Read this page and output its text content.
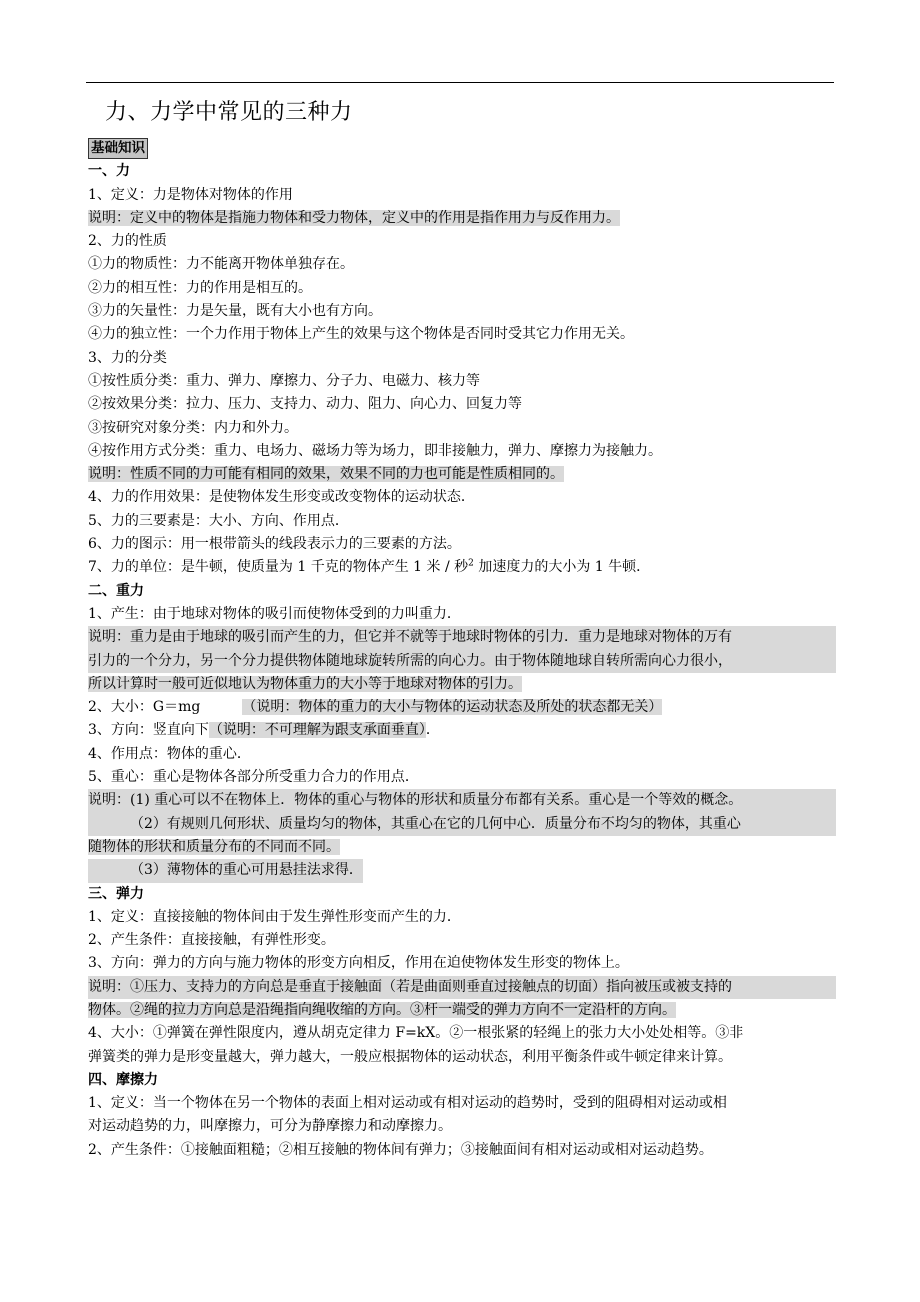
力、力学中常见的三种力
基础知识
一、力
1、定义：力是物体对物体的作用
说明：定义中的物体是指施力物体和受力物体，定义中的作用是指作用力与反作用力。
2、力的性质
①力的物质性：力不能离开物体单独存在。
②力的相互性：力的作用是相互的。
③力的矢量性：力是矢量，既有大小也有方向。
④力的独立性：一个力作用于物体上产生的效果与这个物体是否同时受其它力作用无关。
3、力的分类
①按性质分类：重力、弹力、摩擦力、分子力、电磁力、核力等
②按效果分类：拉力、压力、支持力、动力、阻力、向心力、回复力等
③按研究对象分类：内力和外力。
④按作用方式分类：重力、电场力、磁场力等为场力，即非接触力，弹力、摩擦力为接触力。
说明：性质不同的力可能有相同的效果，效果不同的力也可能是性质相同的。
4、力的作用效果：是使物体发生形变或改变物体的运动状态．
5、力的三要素是：大小、方向、作用点．
6、力的图示：用一根带箭头的线段表示力的三要素的方法。
7、力的单位：是牛顿，使质量为 1 千克的物体产生 1 米 / 秒$^2$ 加速度力的大小为 1 牛顿．
二、重力
1、产生：由于地球对物体的吸引而使物体受到的力叫重力．
说明：重力是由于地球的吸引而产生的力，但它并不就等于地球时物体的引力．重力是地球对物体的万有
引力的一个分力，另一个分力提供物体随地球旋转所需的向心力。由于物体随地球自转所需向心力很小，
所以计算时一般可近似地认为物体重力的大小等于地球对物体的引力。
2、大小：G＝mg	（说明：物体的重力的大小与物体的运动状态及所处的状态都无关）
3、方向：竖直向下（说明：不可理解为跟支承面垂直）．
4、作用点：物体的重心．
5、重心：重心是物体各部分所受重力合力的作用点．
说明：(1) 重心可以不在物体上．物体的重心与物体的形状和质量分布都有关系。重心是一个等效的概念。
（2）有规则几何形状、质量均匀的物体，其重心在它的几何中心．质量分布不均匀的物体，其重心
随物体的形状和质量分布的不同而不同。
（3）薄物体的重心可用悬挂法求得．
三、弹力
1、定义：直接接触的物体间由于发生弹性形变而产生的力．
2、产生条件：直接接触，有弹性形变。
3、方向：弹力的方向与施力物体的形变方向相反，作用在迫使物体发生形变的物体上。
说明：①压力、支持力的方向总是垂直于接触面（若是曲面则垂直过接触点的切面）指向被压或被支持的
物体。②绳的拉力方向总是沿绳指向绳收缩的方向。③杆一端受的弹力方向不一定沿杆的方向。
4、大小：①弹簧在弹性限度内，遵从胡克定律力 F=kX。②一根张紧的轻绳上的张力大小处处相等。③非
弹簧类的弹力是形变量越大，弹力越大，一般应根据物体的运动状态，利用平衡条件或牛顿定律来计算。
四、摩擦力
1、定义：当一个物体在另一个物体的表面上相对运动或有相对运动的趋势时，受到的阻碍相对运动或相
对运动趋势的力，叫摩擦力，可分为静摩擦力和动摩擦力。
2、产生条件：①接触面粗糙；②相互接触的物体间有弹力；③接触面间有相对运动或相对运动趋势。
